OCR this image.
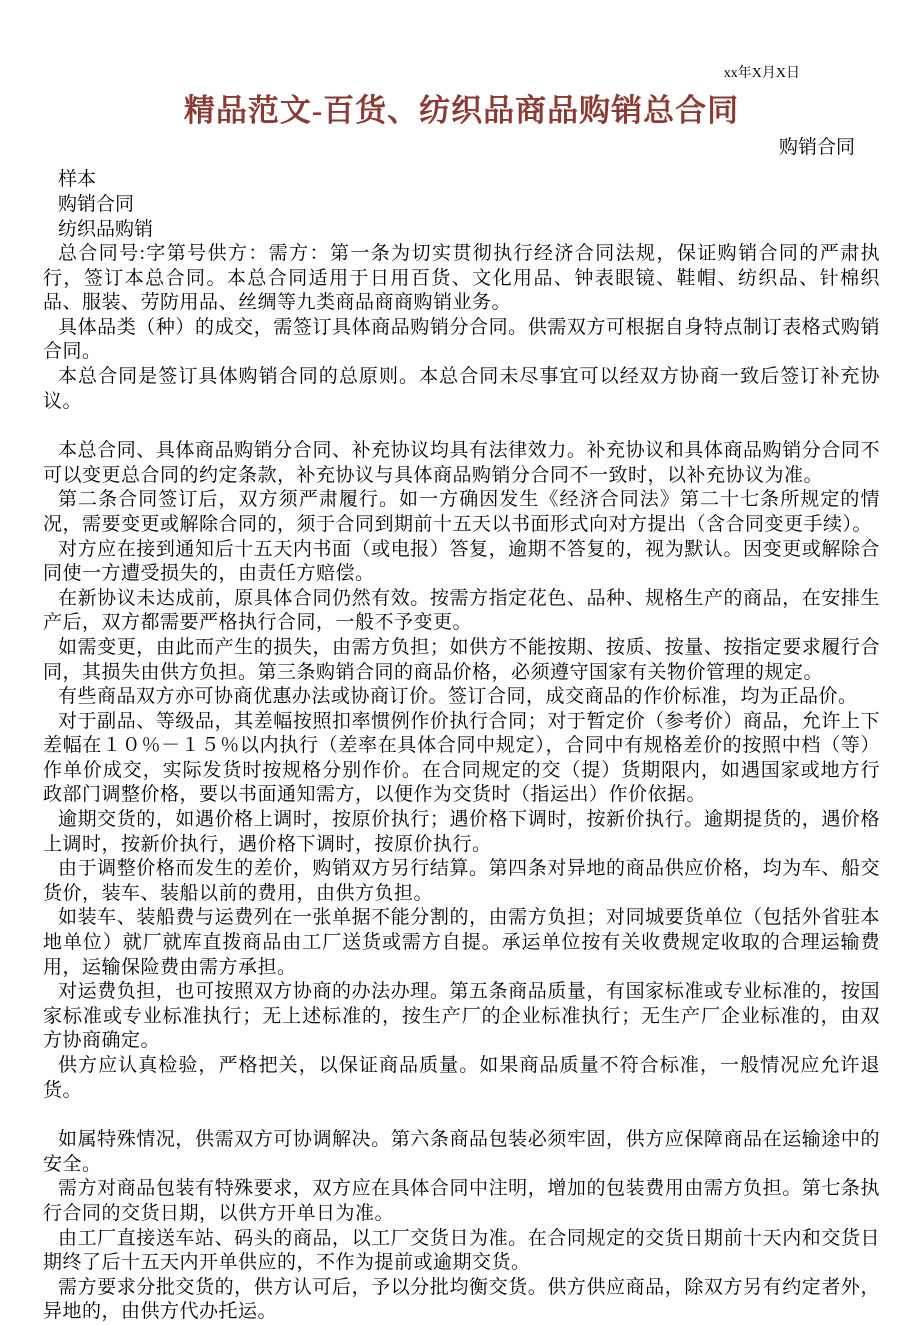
xx年X月X日
精品范文-百货、纺织品商品购销总合同
购销合同

样本

购销合同

纺织品购销

总合同号:字第号供方：需方：第一条为切实贯彻执行经济合同法规，保证购销合同的严肃执行，签订本总合同。本总合同适用于日用百货、文化用品、钟表眼镜、鞋帽、纺织品、针棉织品、服装、劳防用品、丝绸等九类商品商商购销业务。

具体品类（种）的成交，需签订具体商品购销分合同。供需双方可根据自身特点制订表格式购销合同。

本总合同是签订具体购销合同的总原则。本总合同未尽事宜可以经双方协商一致后签订补充协议。

本总合同、具体商品购销分合同、补充协议均具有法律效力。补充协议和具体商品购销分合同不可以变更总合同的约定条款，补充协议与具体商品购销分合同不一致时，以补充协议为准。

第二条合同签订后，双方须严肃履行。如一方确因发生《经济合同法》第二十七条所规定的情况，需要变更或解除合同的，须于合同到期前十五天以书面形式向对方提出（含合同变更手续）。

对方应在接到通知后十五天内书面（或电报）答复，逾期不答复的，视为默认。因变更或解除合同使一方遭受损失的，由责任方赔偿。

在新协议未达成前，原具体合同仍然有效。按需方指定花色、品种、规格生产的商品，在安排生产后，双方都需要严格执行合同，一般不予变更。

如需变更，由此而产生的损失，由需方负担；如供方不能按期、按质、按量、按指定要求履行合同，其损失由供方负担。第三条购销合同的商品价格，必须遵守国家有关物价管理的规定。

有些商品双方亦可协商优惠办法或协商订价。签订合同，成交商品的作价标准，均为正品价。

对于副品、等级品，其差幅按照扣率惯例作价执行合同；对于暂定价（参考价）商品，允许上下差幅在１０％－１５％以内执行（差率在具体合同中规定），合同中有规格差价的按照中档（等）作单价成交，实际发货时按规格分别作价。在合同规定的交（提）货期限内，如遇国家或地方行政部门调整价格，要以书面通知需方，以便作为交货时（指运出）作价依据。

逾期交货的，如遇价格上调时，按原价执行；遇价格下调时，按新价执行。逾期提货的，遇价格上调时，按新价执行，遇价格下调时，按原价执行。

由于调整价格而发生的差价，购销双方另行结算。第四条对异地的商品供应价格，均为车、船交货价，装车、装船以前的费用，由供方负担。

如装车、装船费与运费列在一张单据不能分割的，由需方负担；对同城要货单位（包括外省驻本地单位）就厂就库直拨商品由工厂送货或需方自提。承运单位按有关收费规定收取的合理运输费用，运输保险费由需方承担。

对运费负担，也可按照双方协商的办法办理。第五条商品质量，有国家标准或专业标准的，按国家标准或专业标准执行；无上述标准的，按生产厂的企业标准执行；无生产厂企业标准的，由双方协商确定。

供方应认真检验，严格把关，以保证商品质量。如果商品质量不符合标准，一般情况应允许退货。

如属特殊情况，供需双方可协调解决。第六条商品包装必须牢固，供方应保障商品在运输途中的安全。

需方对商品包装有特殊要求，双方应在具体合同中注明，增加的包装费用由需方负担。第七条执行合同的交货日期，以供方开单日为准。

由工厂直接送车站、码头的商品，以工厂交货日为准。在合同规定的交货日期前十天内和交货日期终了后十五天内开单供应的，不作为提前或逾期交货。

需方要求分批交货的，供方认可后，予以分批均衡交货。供方供应商品，除双方另有约定者外，异地的，由供方代办托运。
